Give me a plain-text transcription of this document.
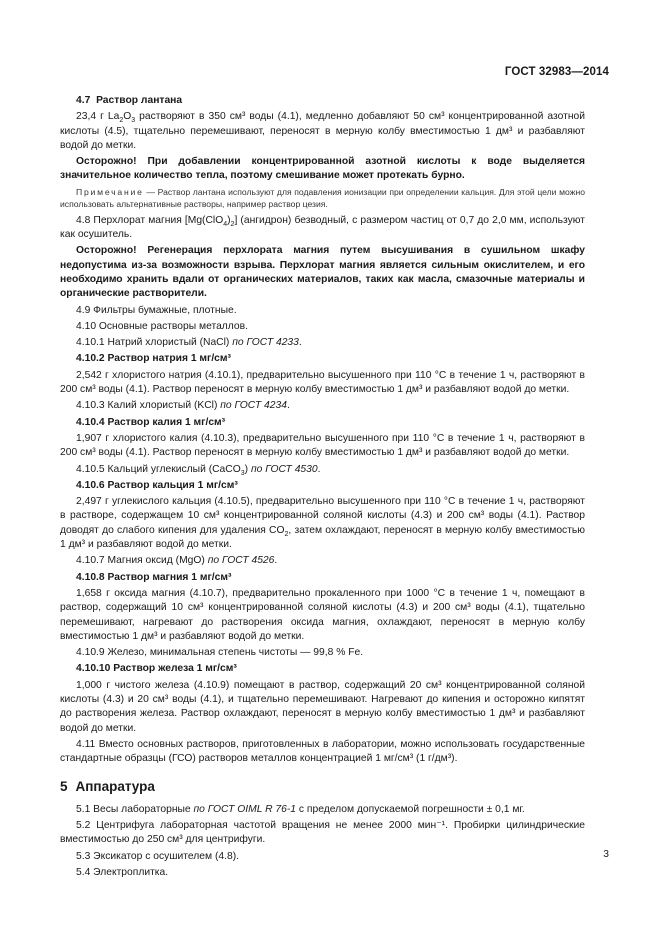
ГОСТ 32983—2014
4.7 Раствор лантана

23,4 г $La_2O_3$ растворяют в 350 см³ воды (4.1), медленно добавляют 50 см³ концентрированной азотной кислоты (4.5), тщательно перемешивают, переносят в мерную колбу вместимостью 1 дм³ и разбавляют водой до метки.

Осторожно! При добавлении концентрированной азотной кислоты к воде выделяется значительное количество тепла, поэтому смешивание может протекать бурно.

Примечание — Раствор лантана используют для подавления ионизации при определении кальция. Для этой цели можно использовать альтернативные растворы, например раствор цезия.

4.8 Перхлорат магния $[Mg(ClO_4)_2]$ (ангидрон) безводный, с размером частиц от 0,7 до 2,0 мм, используют как осушитель.

Осторожно! Регенерация перхлората магния путем высушивания в сушильном шкафу недопустима из-за возможности взрыва. Перхлорат магния является сильным окислителем, и его необходимо хранить вдали от органических материалов, таких как масла, смазочные материалы и органические растворители.

4.9 Фильтры бумажные, плотные.

4.10 Основные растворы металлов.

4.10.1 Натрий хлористый (NaCl) по ГОСТ 4233.

4.10.2 Раствор натрия 1 мг/см³

2,542 г хлористого натрия (4.10.1), предварительно высушенного при 110 °С в течение 1 ч, растворяют в 200 см³ воды (4.1). Раствор переносят в мерную колбу вместимостью 1 дм³ и разбавляют водой до метки.

4.10.3 Калий хлористый (KCl) по ГОСТ 4234.

4.10.4 Раствор калия 1 мг/см³

1,907 г хлористого калия (4.10.3), предварительно высушенного при 110 °С в течение 1 ч, растворяют в 200 см³ воды (4.1). Раствор переносят в мерную колбу вместимостью 1 дм³ и разбавляют водой до метки.

4.10.5 Кальций углекислый (CaCO$_3$) по ГОСТ 4530.

4.10.6 Раствор кальция 1 мг/см³

2,497 г углекислого кальция (4.10.5), предварительно высушенного при 110 °С в течение 1 ч, растворяют в растворе, содержащем 10 см³ концентрированной соляной кислоты (4.3) и 200 см³ воды (4.1). Раствор доводят до слабого кипения для удаления $CO_2$, затем охлаждают, переносят в мерную колбу вместимостью 1 дм³ и разбавляют водой до метки.

4.10.7 Магния оксид (MgO) по ГОСТ 4526.

4.10.8 Раствор магния 1 мг/см³

1,658 г оксида магния (4.10.7), предварительно прокаленного при 1000 °С в течение 1 ч, помещают в раствор, содержащий 10 см³ концентрированной соляной кислоты (4.3) и 200 см³ воды (4.1), тщательно перемешивают, нагревают до растворения оксида магния, охлаждают, переносят в мерную колбу вместимостью 1 дм³ и разбавляют водой до метки.

4.10.9 Железо, минимальная степень чистоты — 99,8 % Fe.

4.10.10 Раствор железа 1 мг/см³

1,000 г чистого железа (4.10.9) помещают в раствор, содержащий 20 см³ концентрированной соляной кислоты (4.3) и 20 см³ воды (4.1), и тщательно перемешивают. Нагревают до кипения и осторожно кипятят до растворения железа. Раствор охлаждают, переносят в мерную колбу вместимостью 1 дм³ и разбавляют водой до метки.

4.11 Вместо основных растворов, приготовленных в лаборатории, можно использовать государственные стандартные образцы (ГСО) растворов металлов концентрацией 1 мг/см³ (1 г/дм³).

5 Аппаратура

5.1 Весы лабораторные по ГОСТ OIML R 76-1 с пределом допускаемой погрешности ± 0,1 мг.

5.2 Центрифуга лабораторная частотой вращения не менее 2000 мин⁻¹. Пробирки цилиндрические вместимостью до 250 см³ для центрифуги.

5.3 Эксикатор с осушителем (4.8).

5.4 Электроплитка.

3
